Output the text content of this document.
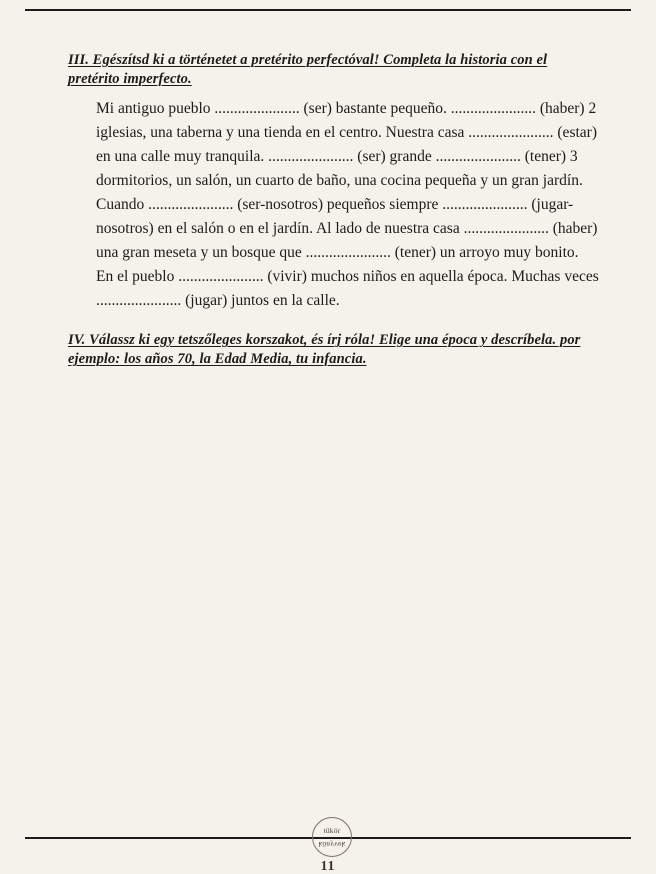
III. Egészítsd ki a történetet a pretérito perfectóval! Completa la historia con el
pretérito imperfecto.
Mi antiguo pueblo ...................... (ser) bastante pequeño. ...................... (haber) 2
iglesias, una taberna y una tienda en el centro. Nuestra casa ...................... (estar)
en una calle muy tranquila. ...................... (ser) grande ...................... (tener) 3
dormitorios, un salón, un cuarto de baño, una cocina pequeña y un gran jardín.
Cuando ...................... (ser-nosotros) pequeños siempre ...................... (jugar-
nosotros) en el salón o en el jardín. Al lado de nuestra casa ...................... (haber)
una gran meseta y un bosque que ...................... (tener) un arroyo muy bonito.
En el pueblo ...................... (vivir) muchos niños en aquella época. Muchas veces
...................... (jugar) juntos en la calle.
IV. Válassz ki egy tetszőleges korszakot, és írj róla! Elige una época y descríbela. por
ejemplo: los años 70, la Edad Media, tu infancia.
tükör
könyvek
11
